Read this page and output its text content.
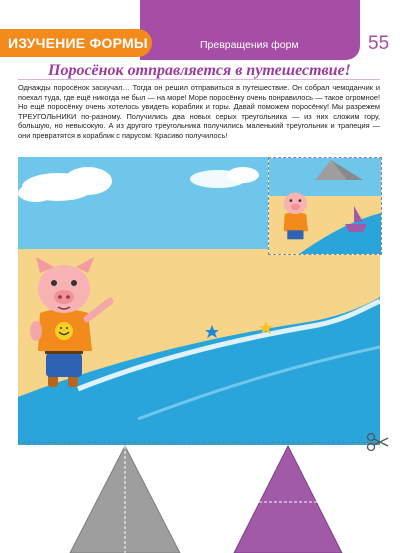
ИЗУЧЕНИЕ ФОРМЫ	Превращения форм	55
Поросёнок отправляется в путешествие!
Однажды поросёнок заскучал… Тогда он решил отправиться в путешествие. Он собрал чемоданчик и поехал туда, где ещё никогда не был — на море! Море поросёнку очень понравилось — такое огромное! Но ещё поросёнку очень хотелось увидеть кораблик и горы. Давай поможем поросёнку! Мы разрежем ТРЕУГОЛЬНИКИ по-разному. Получились два новых серых треугольника — из них сложим гору, большую, но невысокую. А из другого треугольника получились маленький треугольник и трапеция — они превратятся в кораблик с парусом. Красиво получилось!
